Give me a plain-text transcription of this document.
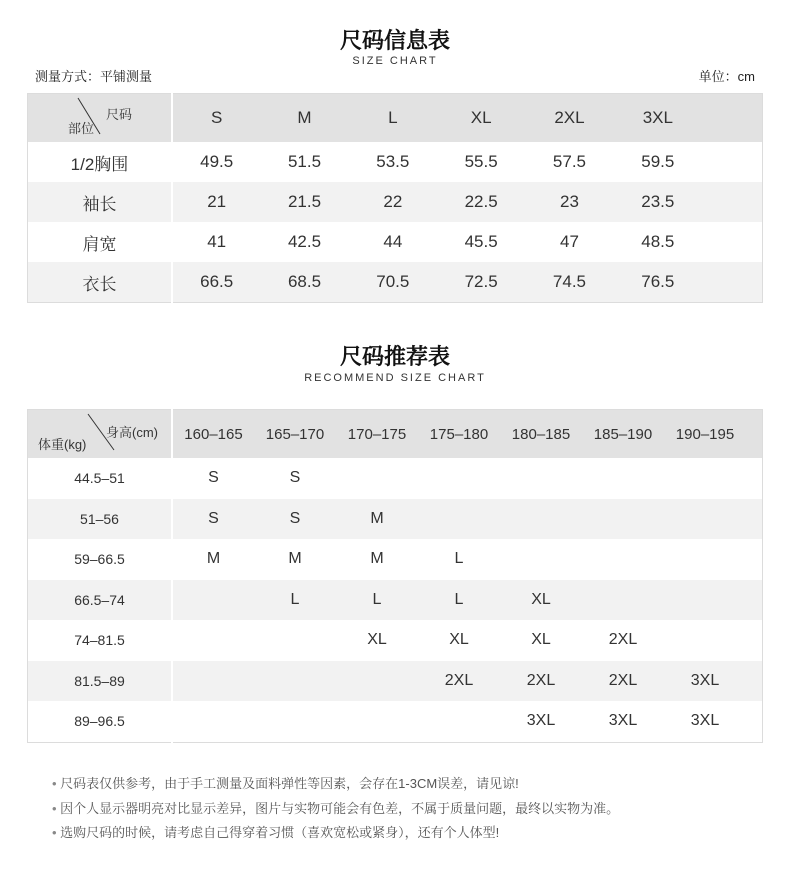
尺码信息表
SIZE CHART
测量方式：平铺测量	单位：cm
尺码
部位	S	M	L	XL	2XL	3XL	
1/2胸围	49.5	51.5	53.5	55.5	57.5	59.5	
袖长	21	21.5	22	22.5	23	23.5	
肩宽	41	42.5	44	45.5	47	48.5	
衣长	66.5	68.5	70.5	72.5	74.5	76.5	
尺码推荐表
RECOMMEND SIZE CHART
身高(cm)
体重(kg)	160–165	165–170	170–175	175–180	180–185	185–190	190–195	
44.5–51	S	S						
51–56	S	S	M					
59–66.5	M	M	M	L				
66.5–74		L	L	L	XL			
74–81.5			XL	XL	XL	2XL		
81.5–89				2XL	2XL	2XL	3XL	
89–96.5					3XL	3XL	3XL	
• 尺码表仅供参考，由于手工测量及面料弹性等因素，会存在1-3CM误差，请见谅!
• 因个人显示器明亮对比显示差异，图片与实物可能会有色差，不属于质量问题，最终以实物为准。
• 选购尺码的时候，请考虑自己得穿着习惯（喜欢宽松或紧身），还有个人体型!
